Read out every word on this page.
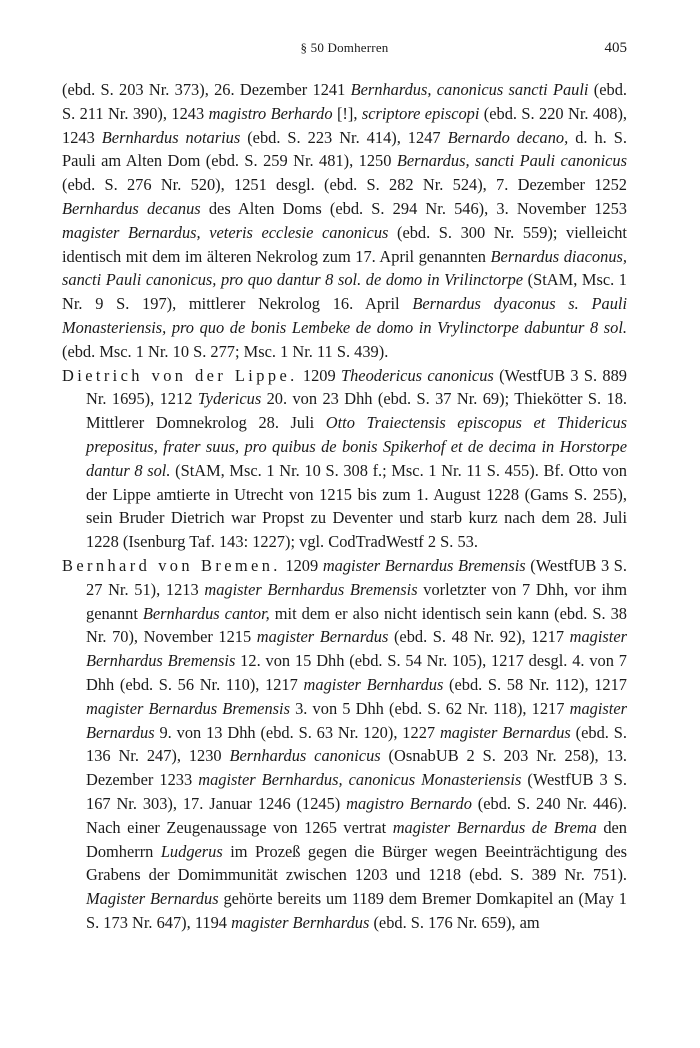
§ 50 Domherren	405

(ebd. S. 203 Nr. 373), 26. Dezember 1241 Bernhardus, canonicus sancti Pauli (ebd. S. 211 Nr. 390), 1243 magistro Berhardo [!], scriptore episcopi (ebd. S. 220 Nr. 408), 1243 Bernhardus notarius (ebd. S. 223 Nr. 414), 1247 Bernardo decano, d. h. S. Pauli am Alten Dom (ebd. S. 259 Nr. 481), 1250 Bernardus, sancti Pauli canonicus (ebd. S. 276 Nr. 520), 1251 desgl. (ebd. S. 282 Nr. 524), 7. Dezember 1252 Bernhardus decanus des Alten Doms (ebd. S. 294 Nr. 546), 3. November 1253 magister Bernardus, veteris ecclesie canonicus (ebd. S. 300 Nr. 559); vielleicht identisch mit dem im älteren Nekrolog zum 17. April genannten Bernardus diaconus, sancti Pauli canonicus, pro quo dantur 8 sol. de domo in Vrilinctorpe (StAM, Msc. 1 Nr. 9 S. 197), mittlerer Nekrolog 16. April Bernardus dyaconus s. Pauli Monasteriensis, pro quo de bonis Lembeke de domo in Vrylinctorpe dabuntur 8 sol. (ebd. Msc. 1 Nr. 10 S. 277; Msc. 1 Nr. 11 S. 439).

Dietrich von der Lippe. 1209 Theodericus canonicus (WestfUB 3 S. 889 Nr. 1695), 1212 Tydericus 20. von 23 Dhh (ebd. S. 37 Nr. 69); Thiekötter S. 18. Mittlerer Domnekrolog 28. Juli Otto Traiectensis episcopus et Thidericus prepositus, frater suus, pro quibus de bonis Spikerhof et de decima in Horstorpe dantur 8 sol. (StAM, Msc. 1 Nr. 10 S. 308 f.; Msc. 1 Nr. 11 S. 455). Bf. Otto von der Lippe amtierte in Utrecht von 1215 bis zum 1. August 1228 (Gams S. 255), sein Bruder Dietrich war Propst zu Deventer und starb kurz nach dem 28. Juli 1228 (Isenburg Taf. 143: 1227); vgl. CodTradWestf 2 S. 53.

Bernhard von Bremen. 1209 magister Bernardus Bremensis (WestfUB 3 S. 27 Nr. 51), 1213 magister Bernhardus Bremensis vorletzter von 7 Dhh, vor ihm genannt Bernhardus cantor, mit dem er also nicht identisch sein kann (ebd. S. 38 Nr. 70), November 1215 magister Bernardus (ebd. S. 48 Nr. 92), 1217 magister Bernhardus Bremensis 12. von 15 Dhh (ebd. S. 54 Nr. 105), 1217 desgl. 4. von 7 Dhh (ebd. S. 56 Nr. 110), 1217 magister Bernhardus (ebd. S. 58 Nr. 112), 1217 magister Bernardus Bremensis 3. von 5 Dhh (ebd. S. 62 Nr. 118), 1217 magister Bernardus 9. von 13 Dhh (ebd. S. 63 Nr. 120), 1227 magister Bernardus (ebd. S. 136 Nr. 247), 1230 Bernhardus canonicus (OsnabUB 2 S. 203 Nr. 258), 13. Dezember 1233 magister Bernhardus, canonicus Monasteriensis (WestfUB 3 S. 167 Nr. 303), 17. Januar 1246 (1245) magistro Bernardo (ebd. S. 240 Nr. 446). Nach einer Zeugenaussage von 1265 vertrat magister Bernardus de Brema den Domherrn Ludgerus im Prozeß gegen die Bürger wegen Beeinträchtigung des Grabens der Domimmunität zwischen 1203 und 1218 (ebd. S. 389 Nr. 751). Magister Bernardus gehörte bereits um 1189 dem Bremer Domkapitel an (May 1 S. 173 Nr. 647), 1194 magister Bernhardus (ebd. S. 176 Nr. 659), am
